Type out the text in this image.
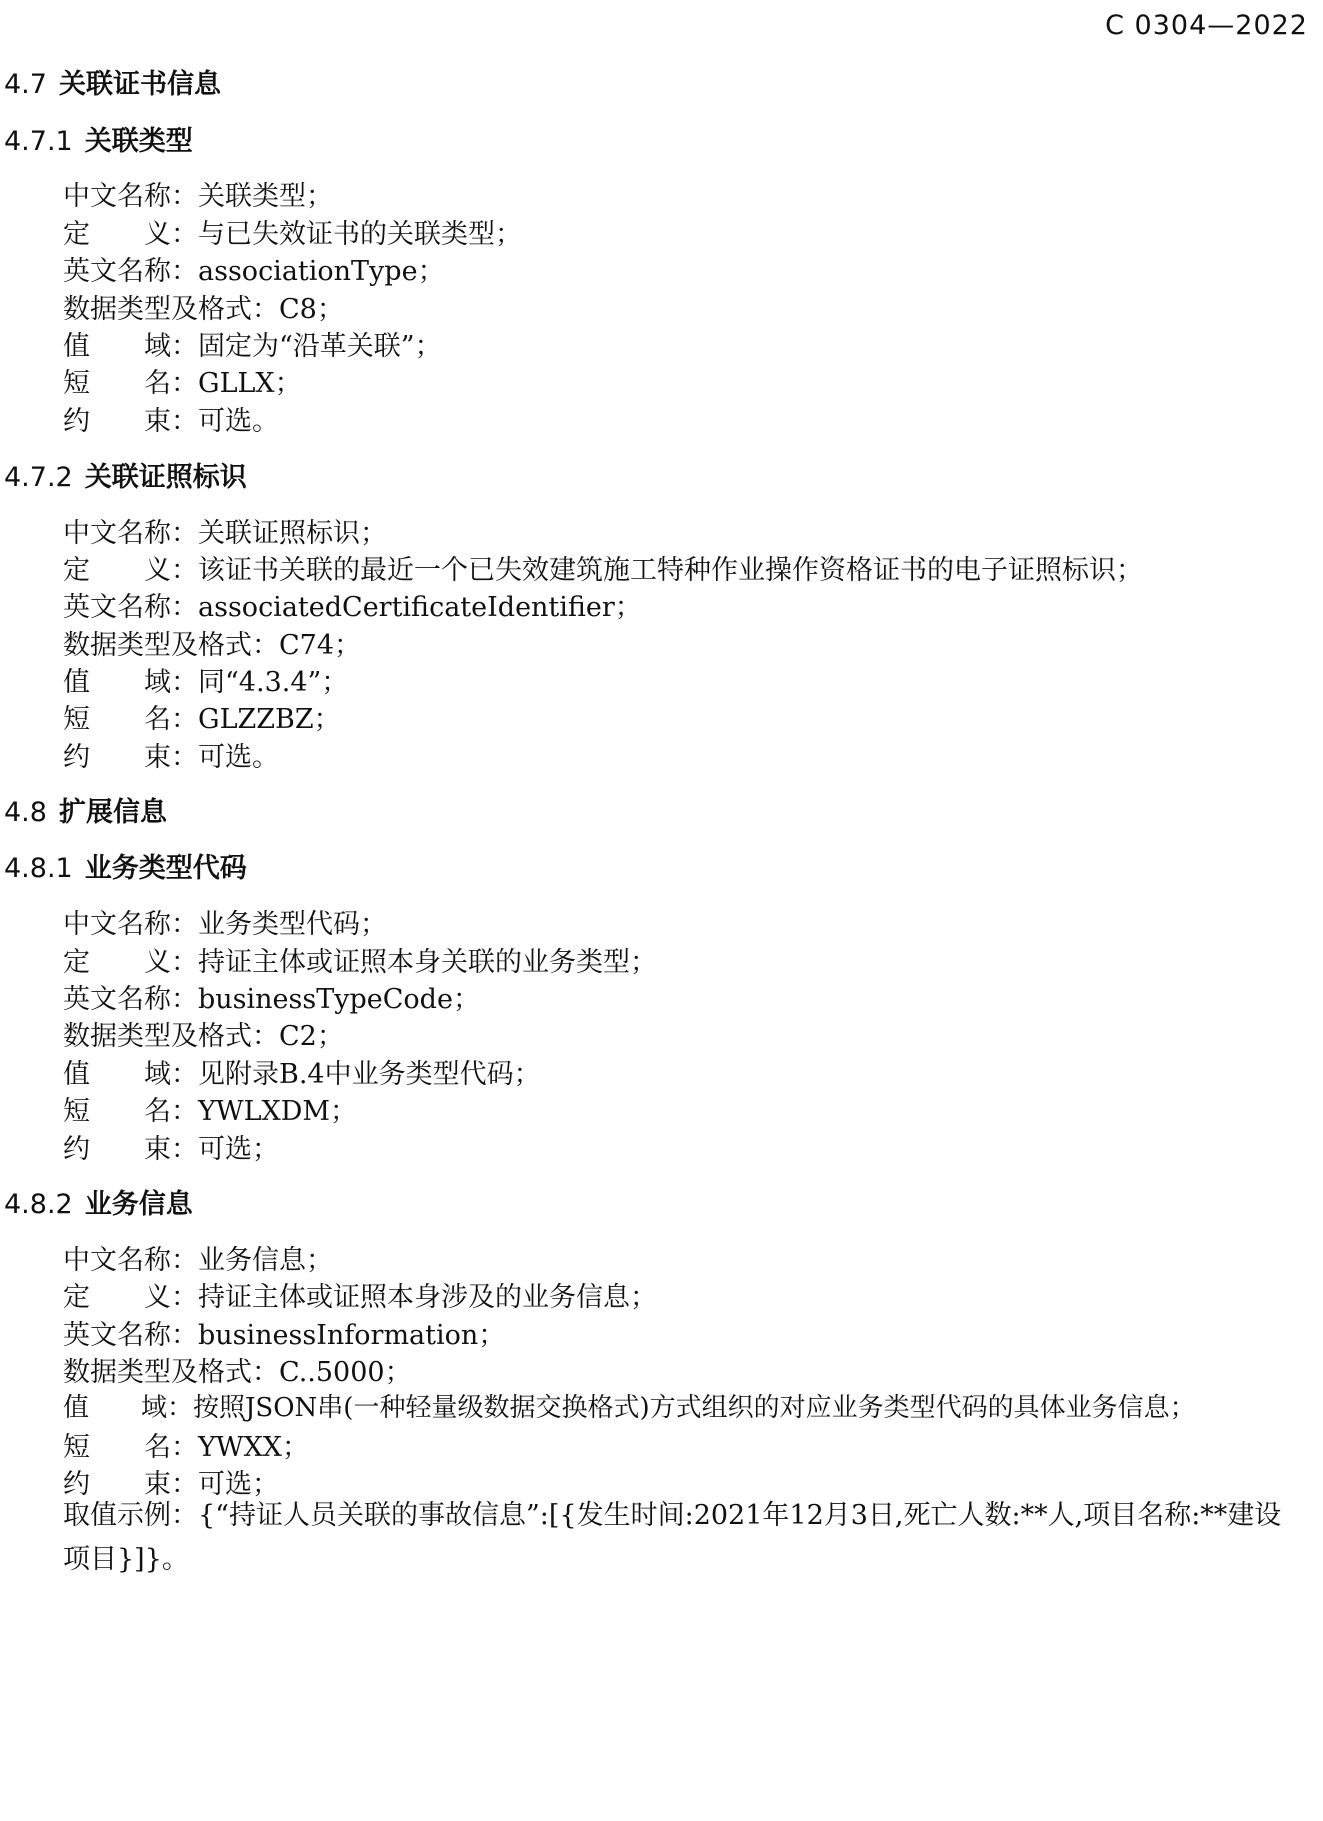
C 0304—2022
4.7 关联证书信息
4.7.1 关联类型
中文名称：关联类型；
定　　义：与已失效证书的关联类型；
英文名称：associationType；
数据类型及格式：C8；
值　　域：固定为“沿革关联”；
短　　名：GLLX；
约　　束：可选。
4.7.2 关联证照标识
中文名称：关联证照标识；
定　　义：该证书关联的最近一个已失效建筑施工特种作业操作资格证书的电子证照标识；
英文名称：associatedCertificateIdentifier；
数据类型及格式：C74；
值　　域：同“4.3.4”；
短　　名：GLZZBZ；
约　　束：可选。
4.8 扩展信息
4.8.1 业务类型代码
中文名称：业务类型代码；
定　　义：持证主体或证照本身关联的业务类型；
英文名称：businessTypeCode；
数据类型及格式：C2；
值　　域：见附录B.4中业务类型代码；
短　　名：YWLXDM；
约　　束：可选；
4.8.2 业务信息
中文名称：业务信息；
定　　义：持证主体或证照本身涉及的业务信息；
英文名称：businessInformation；
数据类型及格式：C..5000；
值　　域：按照JSON串(一种轻量级数据交换格式)方式组织的对应业务类型代码的具体业务信息；
短　　名：YWXX；
约　　束：可选；
取值示例：{“持证人员关联的事故信息”:[{发生时间:2021年12月3日,死亡人数:**人,项目名称:**建设项目}]}。
